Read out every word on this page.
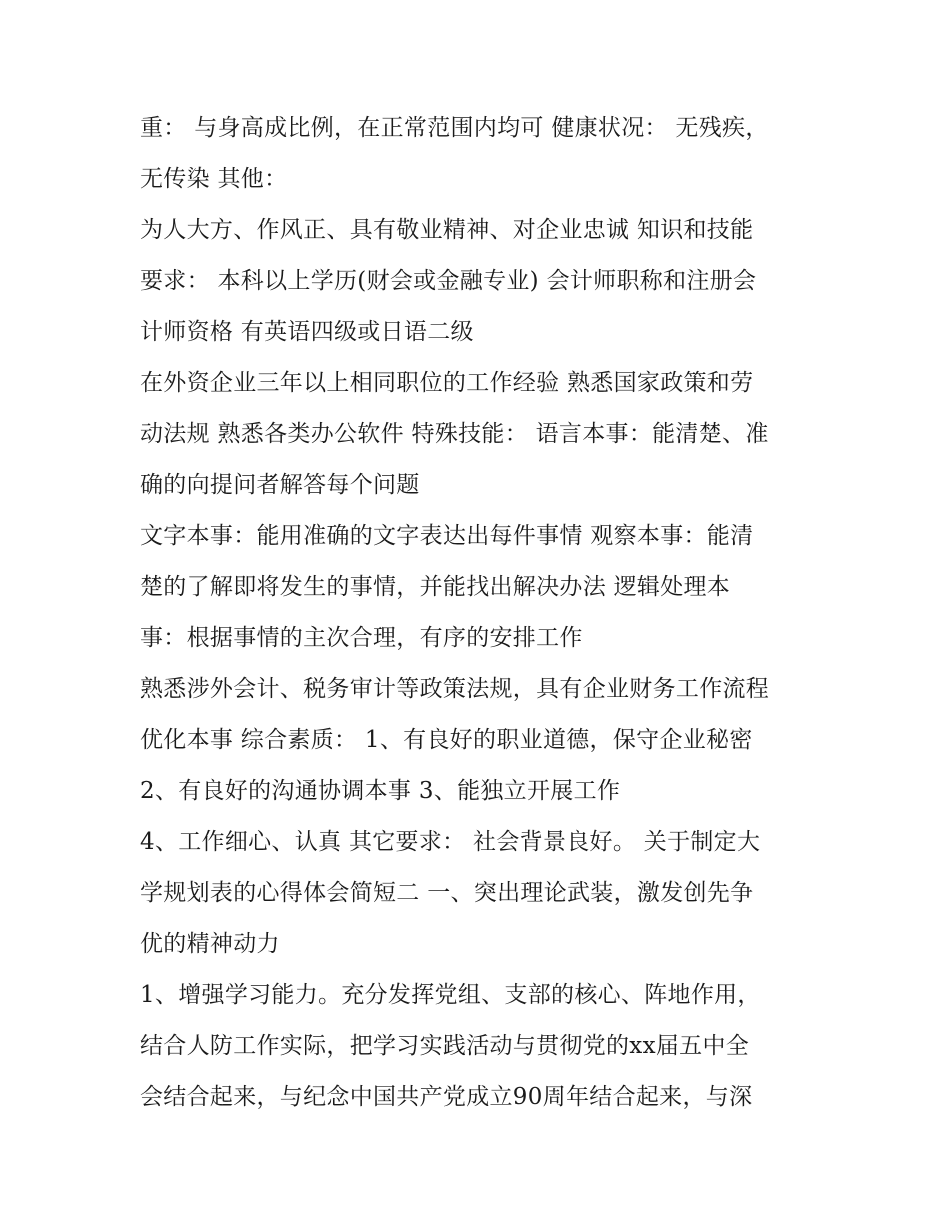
重： 与身高成比例，在正常范围内均可 健康状况： 无残疾，
无传染 其他：
为人大方、作风正、具有敬业精神、对企业忠诚 知识和技能
要求： 本科以上学历(财会或金融专业) 会计师职称和注册会
计师资格 有英语四级或日语二级
在外资企业三年以上相同职位的工作经验 熟悉国家政策和劳
动法规 熟悉各类办公软件 特殊技能： 语言本事：能清楚、准
确的向提问者解答每个问题
文字本事：能用准确的文字表达出每件事情 观察本事：能清
楚的了解即将发生的事情，并能找出解决办法 逻辑处理本
事：根据事情的主次合理，有序的安排工作
熟悉涉外会计、税务审计等政策法规，具有企业财务工作流程
优化本事 综合素质： 1、有良好的职业道德，保守企业秘密
2、有良好的沟通协调本事 3、能独立开展工作
4、工作细心、认真 其它要求： 社会背景良好。 关于制定大
学规划表的心得体会简短二 一、突出理论武装，激发创先争
优的精神动力
1、增强学习能力。充分发挥党组、支部的核心、阵地作用，
结合人防工作实际，把学习实践活动与贯彻党的xx届五中全
会结合起来，与纪念中国共产党成立90周年结合起来，与深
